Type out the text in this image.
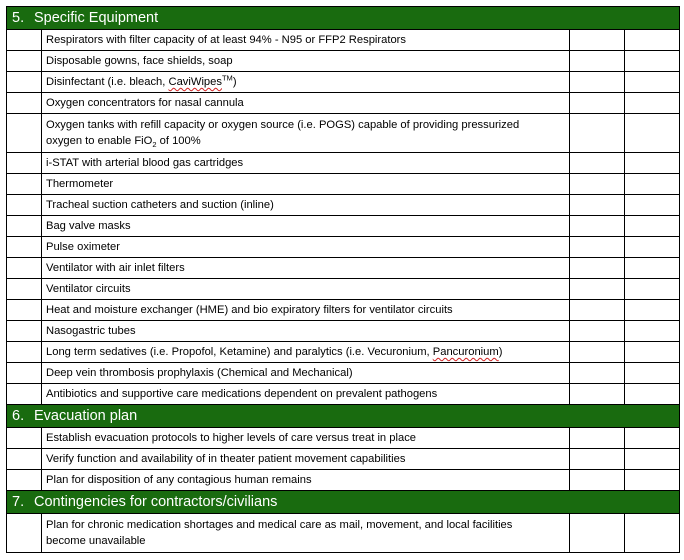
5. Specific Equipment			
	Respirators with filter capacity of at least 94% - N95 or FFP2 Respirators		
	Disposable gowns, face shields, soap		
	Disinfectant (i.e. bleach, CaviWipes™)		
	Oxygen concentrators for nasal cannula		
	Oxygen tanks with refill capacity or oxygen source (i.e. POGS) capable of providing pressurized
oxygen to enable FiO$_2$ of 100%		
	i-STAT with arterial blood gas cartridges		
	Thermometer		
	Tracheal suction catheters and suction (inline)		
	Bag valve masks		
	Pulse oximeter		
	Ventilator with air inlet filters		
	Ventilator circuits		
	Heat and moisture exchanger (HME) and bio expiratory filters for ventilator circuits		
	Nasogastric tubes		
	Long term sedatives (i.e. Propofol, Ketamine) and paralytics (i.e. Vecuronium, Pancuronium)		
	Deep vein thrombosis prophylaxis (Chemical and Mechanical)		
	Antibiotics and supportive care medications dependent on prevalent pathogens		
6. Evacuation plan			
	Establish evacuation protocols to higher levels of care versus treat in place		
	Verify function and availability of in theater patient movement capabilities		
	Plan for disposition of any contagious human remains		
7. Contingencies for contractors/civilians			
	Plan for chronic medication shortages and medical care as mail, movement, and local facilities
become unavailable		
